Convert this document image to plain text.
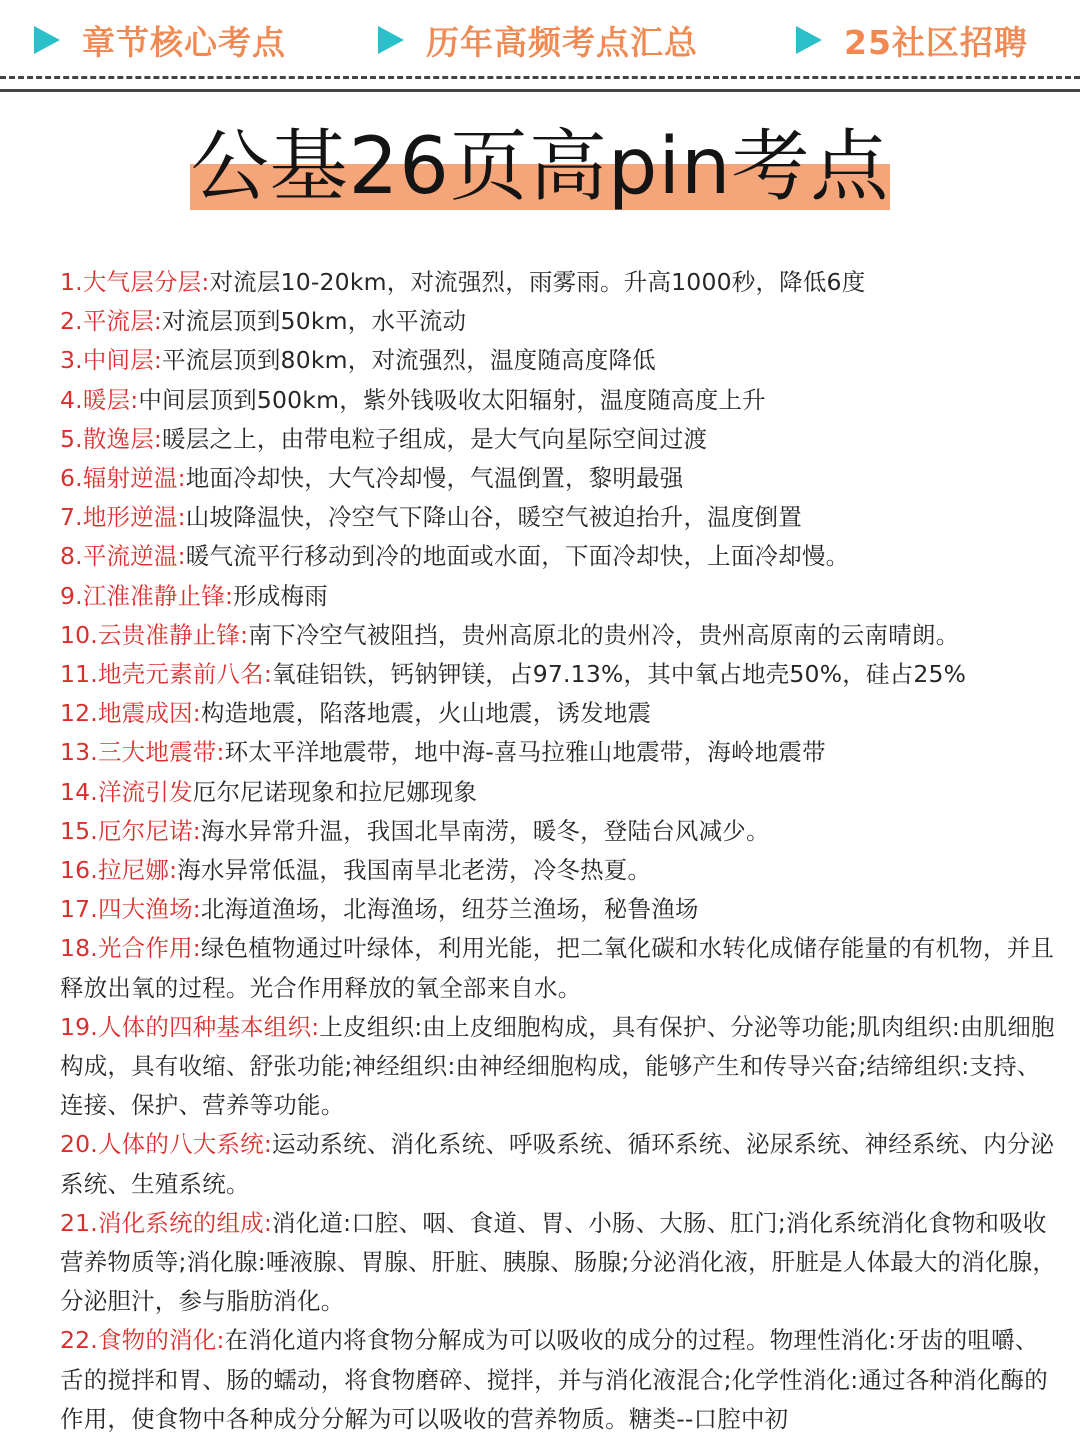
章节核心考点	历年高频考点汇总	25社区招聘
公基26页高pin考点
1.大气层分层:对流层10-20km，对流强烈，雨雾雨。升高1000秒，降低6度
2.平流层:对流层顶到50km，水平流动
3.中间层:平流层顶到80km，对流强烈，温度随高度降低
4.暖层:中间层顶到500km，紫外钱吸收太阳辐射，温度随高度上升
5.散逸层:暖层之上，由带电粒子组成，是大气向星际空间过渡
6.辐射逆温:地面冷却快，大气冷却慢，气温倒置，黎明最强
7.地形逆温:山坡降温快，冷空气下降山谷，暖空气被迫抬升，温度倒置
8.平流逆温:暖气流平行移动到冷的地面或水面，下面冷却快，上面冷却慢。
9.江淮准静止锋:形成梅雨
10.云贵准静止锋:南下冷空气被阻挡，贵州高原北的贵州冷，贵州高原南的云南晴朗。
11.地壳元素前八名:氧硅铝铁，钙钠钾镁，占97.13%，其中氧占地壳50%，硅占25%
12.地震成因:构造地震，陷落地震，火山地震，诱发地震
13.三大地震带:环太平洋地震带，地中海-喜马拉雅山地震带，海岭地震带
14.洋流引发厄尔尼诺现象和拉尼娜现象
15.厄尔尼诺:海水异常升温，我国北旱南涝，暖冬，登陆台风减少。
16.拉尼娜:海水异常低温，我国南旱北老涝，冷冬热夏。
17.四大渔场:北海道渔场，北海渔场，纽芬兰渔场，秘鲁渔场
18.光合作用:绿色植物通过叶绿体，利用光能，把二氧化碳和水转化成储存能量的有机物，并且释放出氧的过程。光合作用释放的氧全部来自水。
19.人体的四种基本组织:上皮组织:由上皮细胞构成，具有保护、分泌等功能;肌肉组织:由肌细胞构成，具有收缩、舒张功能;神经组织:由神经细胞构成，能够产生和传导兴奋;结缔组织:支持、连接、保护、营养等功能。
20.人体的八大系统:运动系统、消化系统、呼吸系统、循环系统、泌尿系统、神经系统、内分泌系统、生殖系统。
21.消化系统的组成:消化道:口腔、咽、食道、胃、小肠、大肠、肛门;消化系统消化食物和吸收营养物质等;消化腺:唾液腺、胃腺、肝脏、胰腺、肠腺;分泌消化液，肝脏是人体最大的消化腺，分泌胆汁，参与脂肪消化。
22.食物的消化:在消化道内将食物分解成为可以吸收的成分的过程。物理性消化:牙齿的咀嚼、舌的搅拌和胃、肠的蠕动，将食物磨碎、搅拌，并与消化液混合;化学性消化:通过各种消化酶的作用，使食物中各种成分分解为可以吸收的营养物质。糖类--口腔中初
